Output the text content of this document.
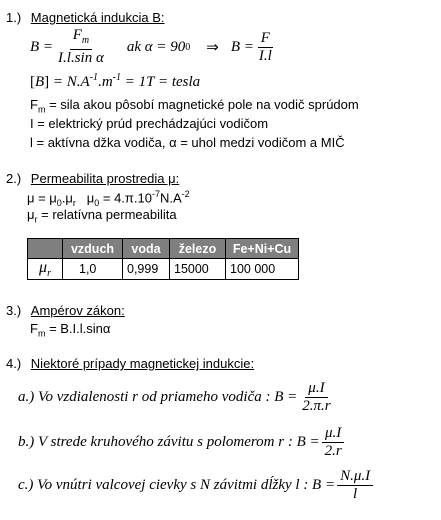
1.) Magnetická indukcia B:
$B = \frac{F_m}{\text{I.l.sin α}}$ ak α = 90 0 ⇒ $B = \frac{F}{I.l}$
$[B] = N.A^{-1}.m^{-1} = 1T$ = tesla
$F_m$ = sila akou pôsobí magnetické pole na vodič sprúdom
I = elektrický prúd prechádzajúci vodičom
l = aktívna džka vodiča, α = uhol medzi vodičom a MIČ
2.) Permeabilita prostredia μ:
$\mu = \mu_0.\mu_r$   $\mu_0 = 4.\pi.10^{-7}N.A^{-2}$
$\mu_r$ = relatívna permeabilita
	vzduch	voda	železo	Fe+Ni+Cu
$\mu_r$	1,0	0,999	15000	100 000
3.) Ampérov zákon:
$F_m = B.I.l.\sin\alpha$
4.) Niektoré prípady magnetickej indukcie:
a.) Vo vzdialenosti r od priameho vodiča : $B = \frac{\mu.I}{2.\pi.r}$
b.) V strede kruhového závitu s polomerom r : $B = \frac{\mu.I}{2.r}$
c.) Vo vnútri valcovej cievky s N závitmi dĺžky l : $B = \frac{N.\mu.I}{l}$
